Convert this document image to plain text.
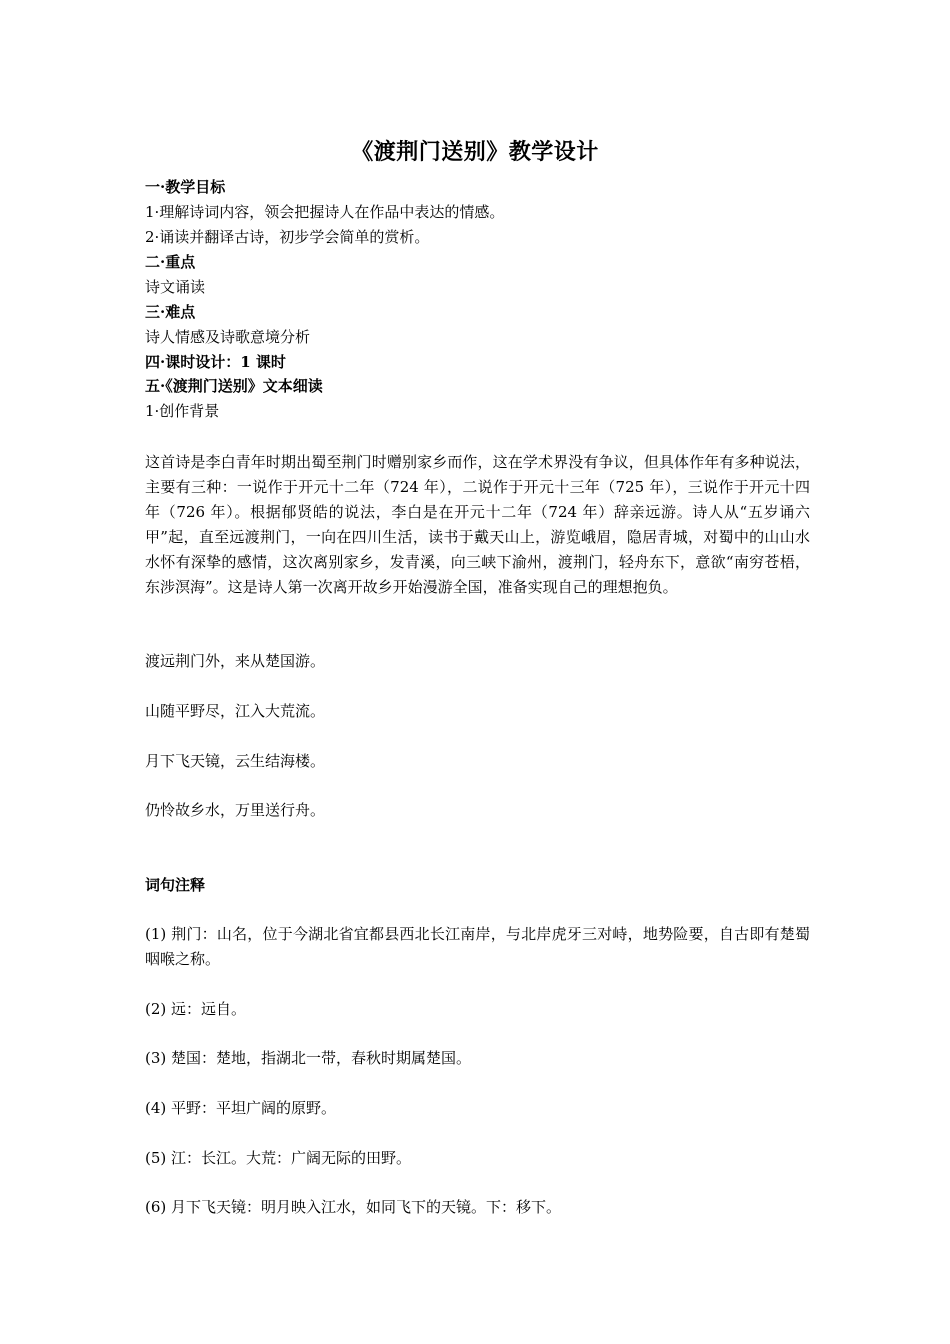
《渡荆门送别》教学设计
一·教学目标
1·理解诗词内容，领会把握诗人在作品中表达的情感。
2·诵读并翻译古诗，初步学会简单的赏析。
二·重点
诗文诵读
三·难点
诗人情感及诗歌意境分析
四·课时设计：1 课时
五·《渡荆门送别》文本细读
1·创作背景
这首诗是李白青年时期出蜀至荆门时赠别家乡而作，这在学术界没有争议，但具体作年有多种说法，主要有三种：一说作于开元十二年（724 年），二说作于开元十三年（725 年），三说作于开元十四年（726 年）。根据郁贤皓的说法，李白是在开元十二年（724 年）辞亲远游。诗人从“五岁诵六甲”起，直至远渡荆门，一向在四川生活，读书于戴天山上，游览峨眉，隐居青城，对蜀中的山山水水怀有深挚的感情，这次离别家乡，发青溪，向三峡下渝州，渡荆门，轻舟东下，意欲“南穷苍梧，东涉溟海”。这是诗人第一次离开故乡开始漫游全国，准备实现自己的理想抱负。
渡远荆门外，来从楚国游。
山随平野尽，江入大荒流。
月下飞天镜，云生结海楼。
仍怜故乡水，万里送行舟。
词句注释
(1) 荆门：山名，位于今湖北省宜都县西北长江南岸，与北岸虎牙三对峙，地势险要，自古即有楚蜀咽喉之称。
(2) 远：远自。
(3) 楚国：楚地，指湖北一带，春秋时期属楚国。
(4) 平野：平坦广阔的原野。
(5) 江：长江。大荒：广阔无际的田野。
(6) 月下飞天镜：明月映入江水，如同飞下的天镜。下：移下。
